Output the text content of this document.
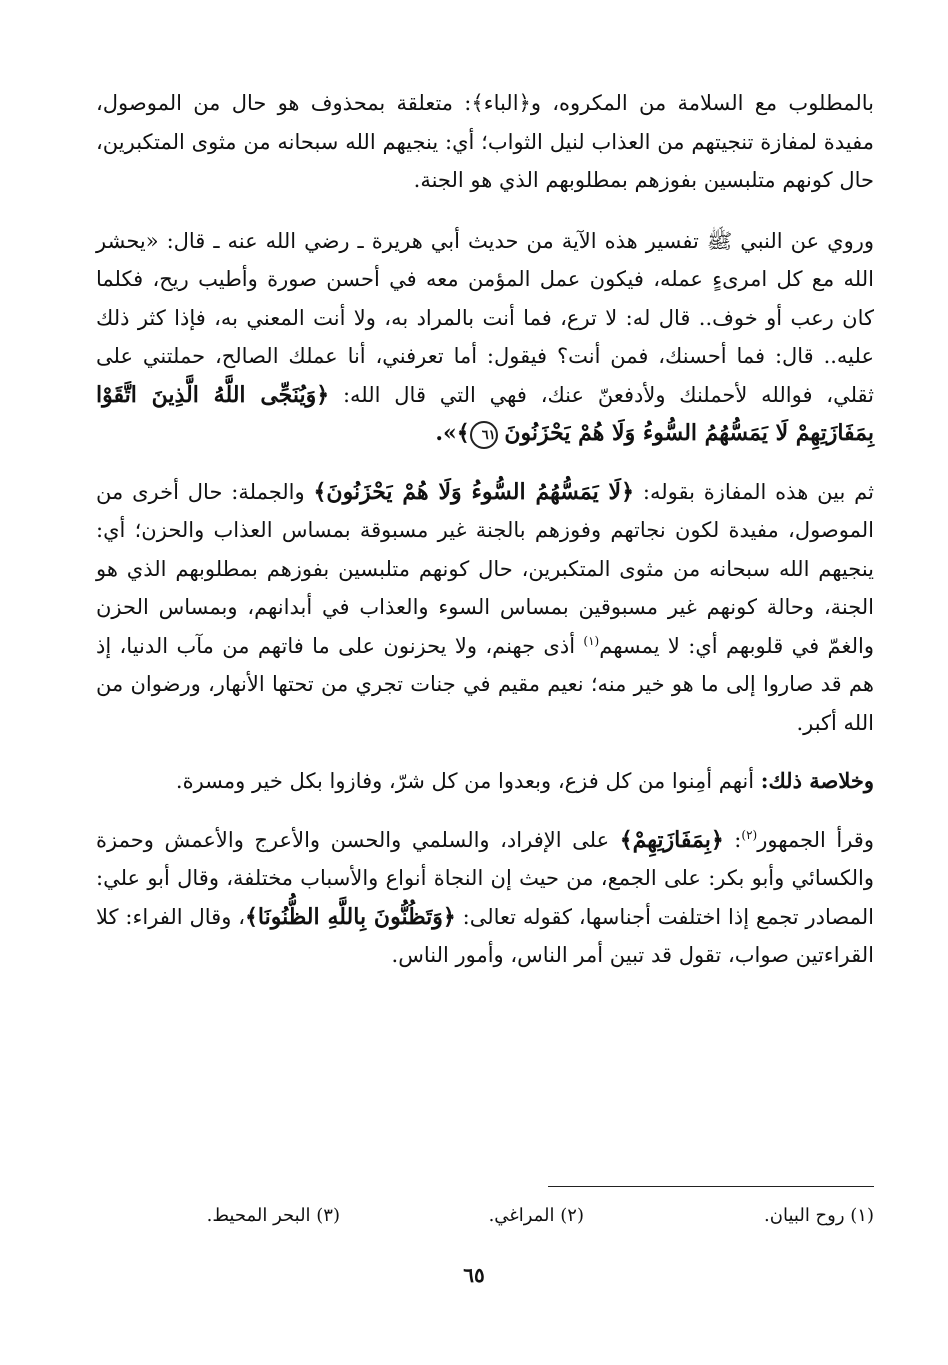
بالمطلوب مع السلامة من المكروه، و﴿الباء﴾: متعلقة بمحذوف هو حال من الموصول، مفيدة لمفازة تنجيتهم من العذاب لنيل الثواب؛ أي: ينجيهم الله سبحانه من مثوى المتكبرين، حال كونهم متلبسين بفوزهم بمطلوبهم الذي هو الجنة.

وروي عن النبي ﷺ تفسير هذه الآية من حديث أبي هريرة ـ رضي الله عنه ـ قال: «يحشر الله مع كل امرىءٍ عمله، فيكون عمل المؤمن معه في أحسن صورة وأطيب ريح، فكلما كان رعب أو خوف.. قال له: لا ترع، فما أنت بالمراد به، ولا أنت المعني به، فإذا كثر ذلك عليه.. قال: فما أحسنك، فمن أنت؟ فيقول: أما تعرفني، أنا عملك الصالح، حملتني على ثقلي، فوالله لأحملنك ولأدفعنّ عنك، فهي التي قال الله: ﴿وَيُنَجِّى اللَّهُ الَّذِينَ اتَّقَوْا بِمَفَازَتِهِمْ لَا يَمَسُّهُمُ السُّوءُ وَلَا هُمْ يَحْزَنُونَ ٦١﴾».

ثم بين هذه المفازة بقوله: ﴿لَا يَمَسُّهُمُ السُّوءُ وَلَا هُمْ يَحْزَنُونَ﴾ والجملة: حال أخرى من الموصول، مفيدة لكون نجاتهم وفوزهم بالجنة غير مسبوقة بمساس العذاب والحزن؛ أي: ينجيهم الله سبحانه من مثوى المتكبرين، حال كونهم متلبسين بفوزهم بمطلوبهم الذي هو الجنة، وحالة كونهم غير مسبوقين بمساس السوء والعذاب في أبدانهم، وبمساس الحزن والغمّ في قلوبهم أي: لا يمسهم$^{(١)}$ أذى جهنم، ولا يحزنون على ما فاتهم من مآب الدنيا، إذ هم قد صاروا إلى ما هو خير منه؛ نعيم مقيم في جنات تجري من تحتها الأنهار، ورضوان من الله أكبر.

وخلاصة ذلك: أنهم أمِنوا من كل فزع، وبعدوا من كل شرّ، وفازوا بكل خير ومسرة.

وقرأ الجمهور$^{(٢)}$: ﴿بِمَفَازَتِهِمْ﴾ على الإفراد، والسلمي والحسن والأعرج والأعمش وحمزة والكسائي وأبو بكر: على الجمع، من حيث إن النجاة أنواع والأسباب مختلفة، وقال أبو علي: المصادر تجمع إذا اختلفت أجناسها، كقوله تعالى: ﴿وَتَظُنُّونَ بِاللَّهِ الظُّنُونَا﴾، وقال الفراء: كلا القراءتين صواب، تقول قد تبين أمر الناس، وأمور الناس.

(١) روح البيان.
(٢) المراغي.
(٣) البحر المحيط.
٦٥
